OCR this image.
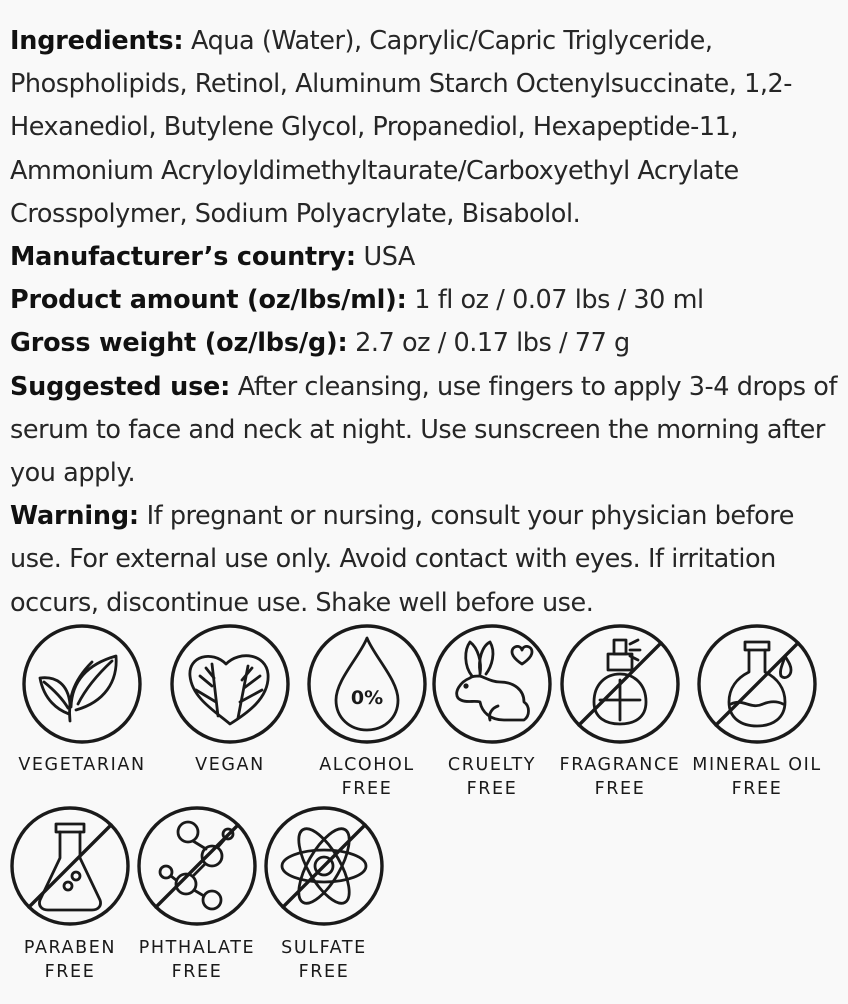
Ingredients: Aqua (Water), Caprylic/Capric Triglyceride, Phospholipids, Retinol, Aluminum Starch Octenylsuccinate, 1,2-Hexanediol, Butylene Glycol, Propanediol, Hexapeptide-11, Ammonium Acryloyldimethyltaurate/Carboxyethyl Acrylate Crosspolymer, Sodium Polyacrylate, Bisabolol.

Manufacturer’s country: USA

Product amount (oz/lbs/ml): 1 fl oz / 0.07 lbs / 30 ml

Gross weight (oz/lbs/g): 2.7 oz / 0.17 lbs / 77 g

Suggested use: After cleansing, use fingers to apply 3-4 drops of serum to face and neck at night. Use sunscreen the morning after you apply.

Warning: If pregnant or nursing, consult your physician before use. For external use only. Avoid contact with eyes. If irritation occurs, discontinue use. Shake well before use.

VEGETARIAN	VEGAN
0%
ALCOHOL
FREE
CRUELTY
FREE
FRAGRANCE
FREE
MINERAL OIL
FREE
PARABEN
FREE
PHTHALATE
FREE
SULFATE
FREE
